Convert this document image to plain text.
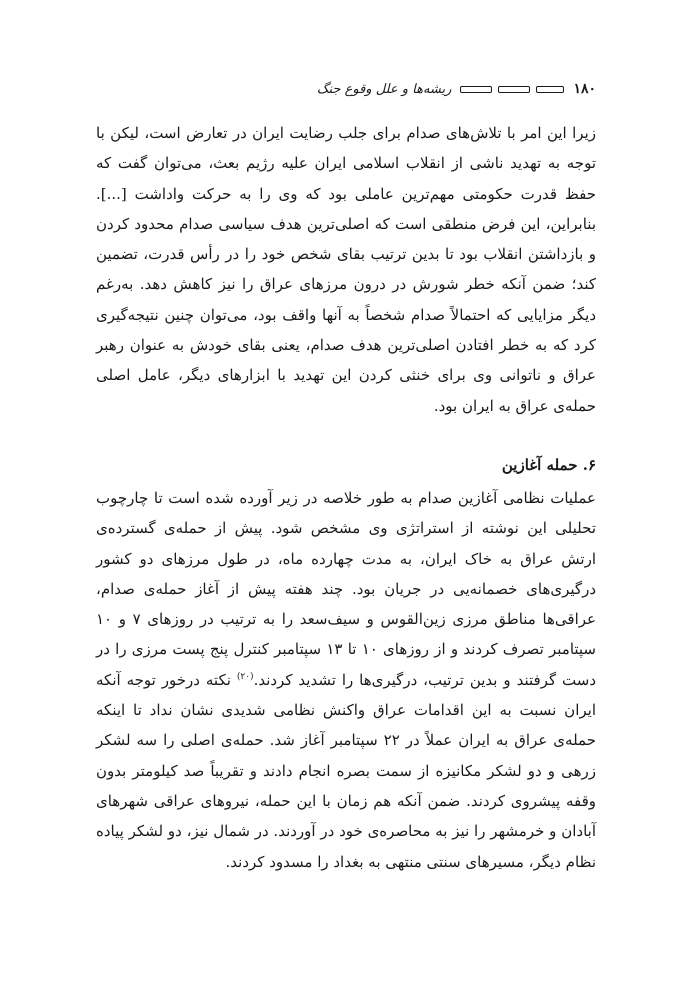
۱۸۰
ریشه‌ها و علل وقوع جنگ

زیرا این امر با تلاش‌های صدام برای جلب رضایت ایران در تعارض است، لیکن با توجه به تهدید ناشی از انقلاب اسلامی ایران علیه رژیم بعث، می‌توان گفت که حفظ قدرت حکومتی مهم‌ترین عاملی بود که وی را به حرکت واداشت [...]. بنابراین، این فرض منطقی است که اصلی‌ترین هدف سیاسی صدام محدود کردن و بازداشتن انقلاب بود تا بدین ترتیب بقای شخص خود را در رأس قدرت، تضمین کند؛ ضمن آنکه خطر شورش در درون مرزهای عراق را نیز کاهش دهد. به‌رغم دیگر مزایایی که احتمالاً صدام شخصاً به آنها واقف بود، می‌توان چنین نتیجه‌گیری کرد که به خطر افتادن اصلی‌ترین هدف صدام، یعنی بقای خودش به عنوان رهبر عراق و ناتوانی وی برای خنثی کردن این تهدید با ابزارهای دیگر، عامل اصلی حمله‌ی عراق به ایران بود.

۶. حمله آغازین

عملیات نظامی آغازین صدام به طور خلاصه در زیر آورده شده است تا چارچوب تحلیلی این نوشته از استراتژی وی مشخص شود. پیش از حمله‌ی گسترده‌ی ارتش عراق به خاک ایران، به مدت چهارده ماه، در طول مرزهای دو کشور درگیری‌های خصمانه‌یی در جریان بود. چند هفته پیش از آغاز حمله‌ی صدام، عراقی‌ها مناطق مرزی زین‌القوس و سیف‌سعد را به ترتیب در روزهای ۷ و ۱۰ سپتامبر تصرف کردند و از روزهای ۱۰ تا ۱۳ سپتامبر کنترل پنج پست مرزی را در دست گرفتند و بدین ترتیب، درگیری‌ها را تشدید کردند.$^{(۲۰)}$ نکته درخور توجه آنکه ایران نسبت به این اقدامات عراق واکنش نظامی شدیدی نشان نداد تا اینکه حمله‌ی عراق به ایران عملاً در ۲۲ سپتامبر آغاز شد. حمله‌ی اصلی را سه لشکر زرهی و دو لشکر مکانیزه از سمت بصره انجام دادند و تقریباً صد کیلومتر بدون وقفه پیشروی کردند. ضمن آنکه هم زمان با این حمله، نیروهای عراقی شهرهای آبادان و خرمشهر را نیز به محاصره‌ی خود در آوردند. در شمال نیز، دو لشکر پیاده نظام دیگر، مسیرهای سنتی منتهی به بغداد را مسدود کردند.
